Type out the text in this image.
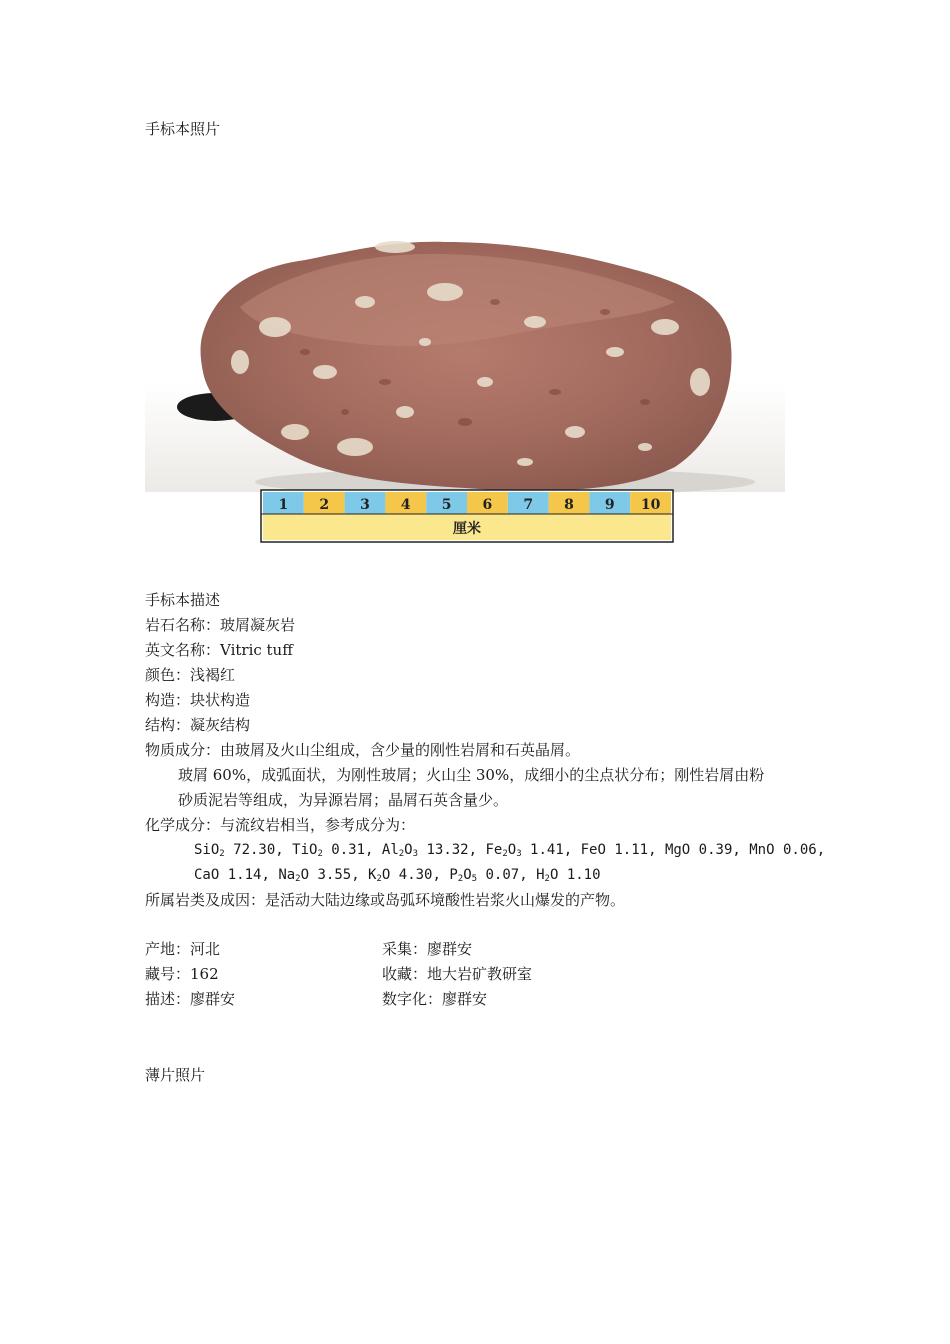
手标本照片
1 2 3 4 5 6 7 8 9 10
厘米
手标本描述
岩石名称：玻屑凝灰岩
英文名称：Vitric tuff
颜色：浅褐红
构造：块状构造
结构：凝灰结构
物质成分：由玻屑及火山尘组成，含少量的刚性岩屑和石英晶屑。
玻屑 60%，成弧面状，为刚性玻屑；火山尘 30%，成细小的尘点状分布；刚性岩屑由粉
砂质泥岩等组成，为异源岩屑；晶屑石英含量少。
化学成分：与流纹岩相当，参考成分为：
SiO$_2$ 72.30, TiO$_2$ 0.31, $Al_2O_3$ 13.32, $Fe_2O_3$ 1.41, FeO 1.11, MgO 0.39, MnO 0.06,
CaO 1.14, $Na_2O$ 3.55, $K_2O$ 4.30, $P_2O_5$ 0.07, $H_2O$ 1.10
所属岩类及成因：是活动大陆边缘或岛弧环境酸性岩浆火山爆发的产物。
产地：河北	采集：廖群安
藏号：162	收藏：地大岩矿教研室
描述：廖群安	数字化：廖群安
薄片照片
